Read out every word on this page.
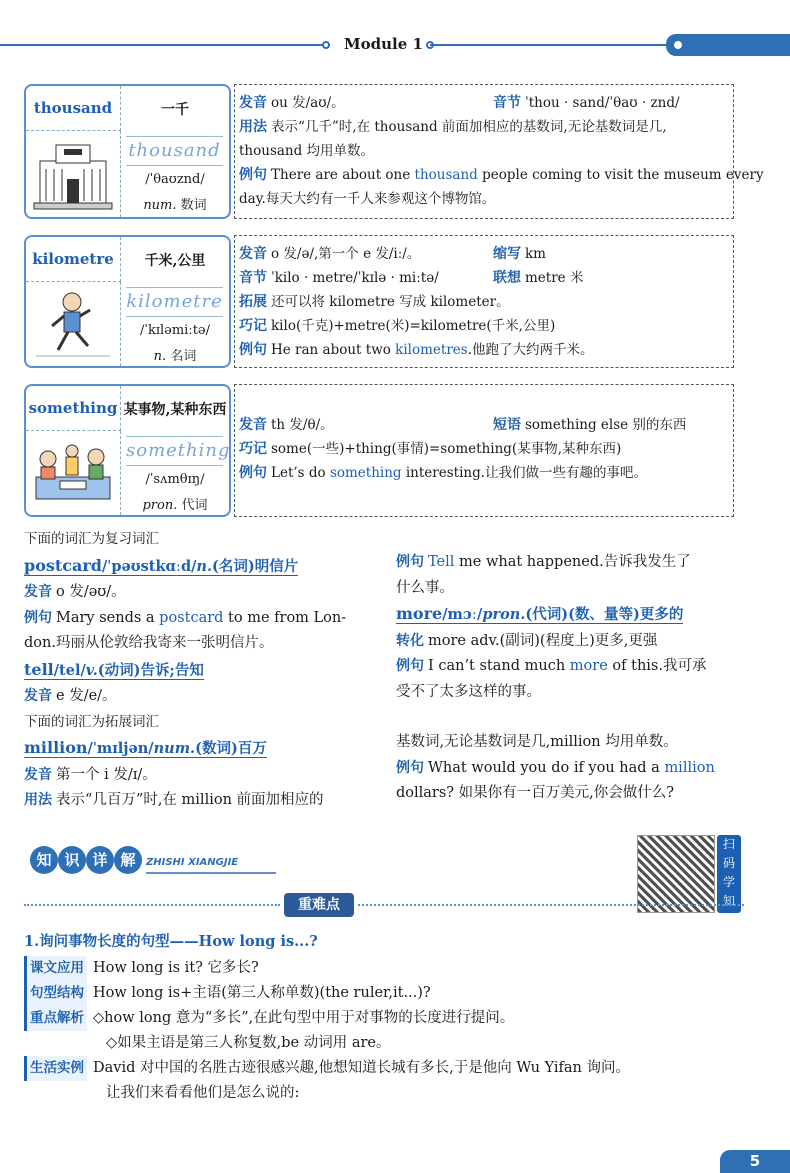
Module 1
thousand	一千
thousand
/ˈθaʊznd/
num. 数词
发音 ou 发/aʊ/。	音节 ˈthou · sand/ˈθaʊ · znd/
用法 表示“几千”时,在 thousand 前面加相应的基数词,无论基数词是几,
thousand 均用单数。
例句 There are about one thousand people coming to visit the museum every
day.每天大约有一千人来参观这个博物馆。
kilometre	千米,公里
kilometre
/ˈkɪləmiːtə/
n. 名词
发音 o 发/ə/,第一个 e 发/iː/。	缩写 km
音节 ˈkilo · metre/ˈkɪlə · miːtə/	联想 metre 米
拓展 还可以将 kilometre 写成 kilometer。
巧记 kilo(千克)+metre(米)=kilometre(千米,公里)
例句 He ran about two kilometres.他跑了大约两千米。
something 某事物,某种东西
something
/ˈsʌmθɪŋ/
pron. 代词
发音 th 发/θ/。	短语 something else 别的东西
巧记 some(一些)+thing(事情)=something(某事物,某种东西)
例句 Let’s do something interesting.让我们做一些有趣的事吧。
下面的词汇为复习词汇
postcard/ˈpəʊstkɑːd/n.(名词)明信片
发音 o 发/əʊ/。
例句 Mary sends a postcard to me from Lon-
don.玛丽从伦敦给我寄来一张明信片。
tell/tel/v.(动词)告诉;告知
发音 e 发/e/。
下面的词汇为拓展词汇
million/ˈmɪljən/num.(数词)百万
发音 第一个 i 发/ɪ/。
用法 表示“几百万”时,在 million 前面加相应的
例句 Tell me what happened.告诉我发生了
什么事。
more/mɔː/pron.(代词)(数、量等)更多的
转化 more adv.(副词)(程度上)更多,更强
例句 I can’t stand much more of this.我可承
受不了太多这样的事。
基数词,无论基数词是几,million 均用单数。
例句 What would you do if you had a million
dollars? 如果你有一百万美元,你会做什么?
知 识 详 解 ZHISHI XIANGJIE
扫
码
学
知
识
重难点
1.询问事物长度的句型——How long is...?
课文应用 How long is it? 它多长?
句型结构 How long is+主语(第三人称单数)(the ruler,it...)?
重点解析 ◇how long 意为“多长”,在此句型中用于对事物的长度进行提问。
◇如果主语是第三人称复数,be 动词用 are。
生活实例 David 对中国的名胜古迹很感兴趣,他想知道长城有多长,于是他向 Wu Yifan 询问。
让我们来看看他们是怎么说的:
5
